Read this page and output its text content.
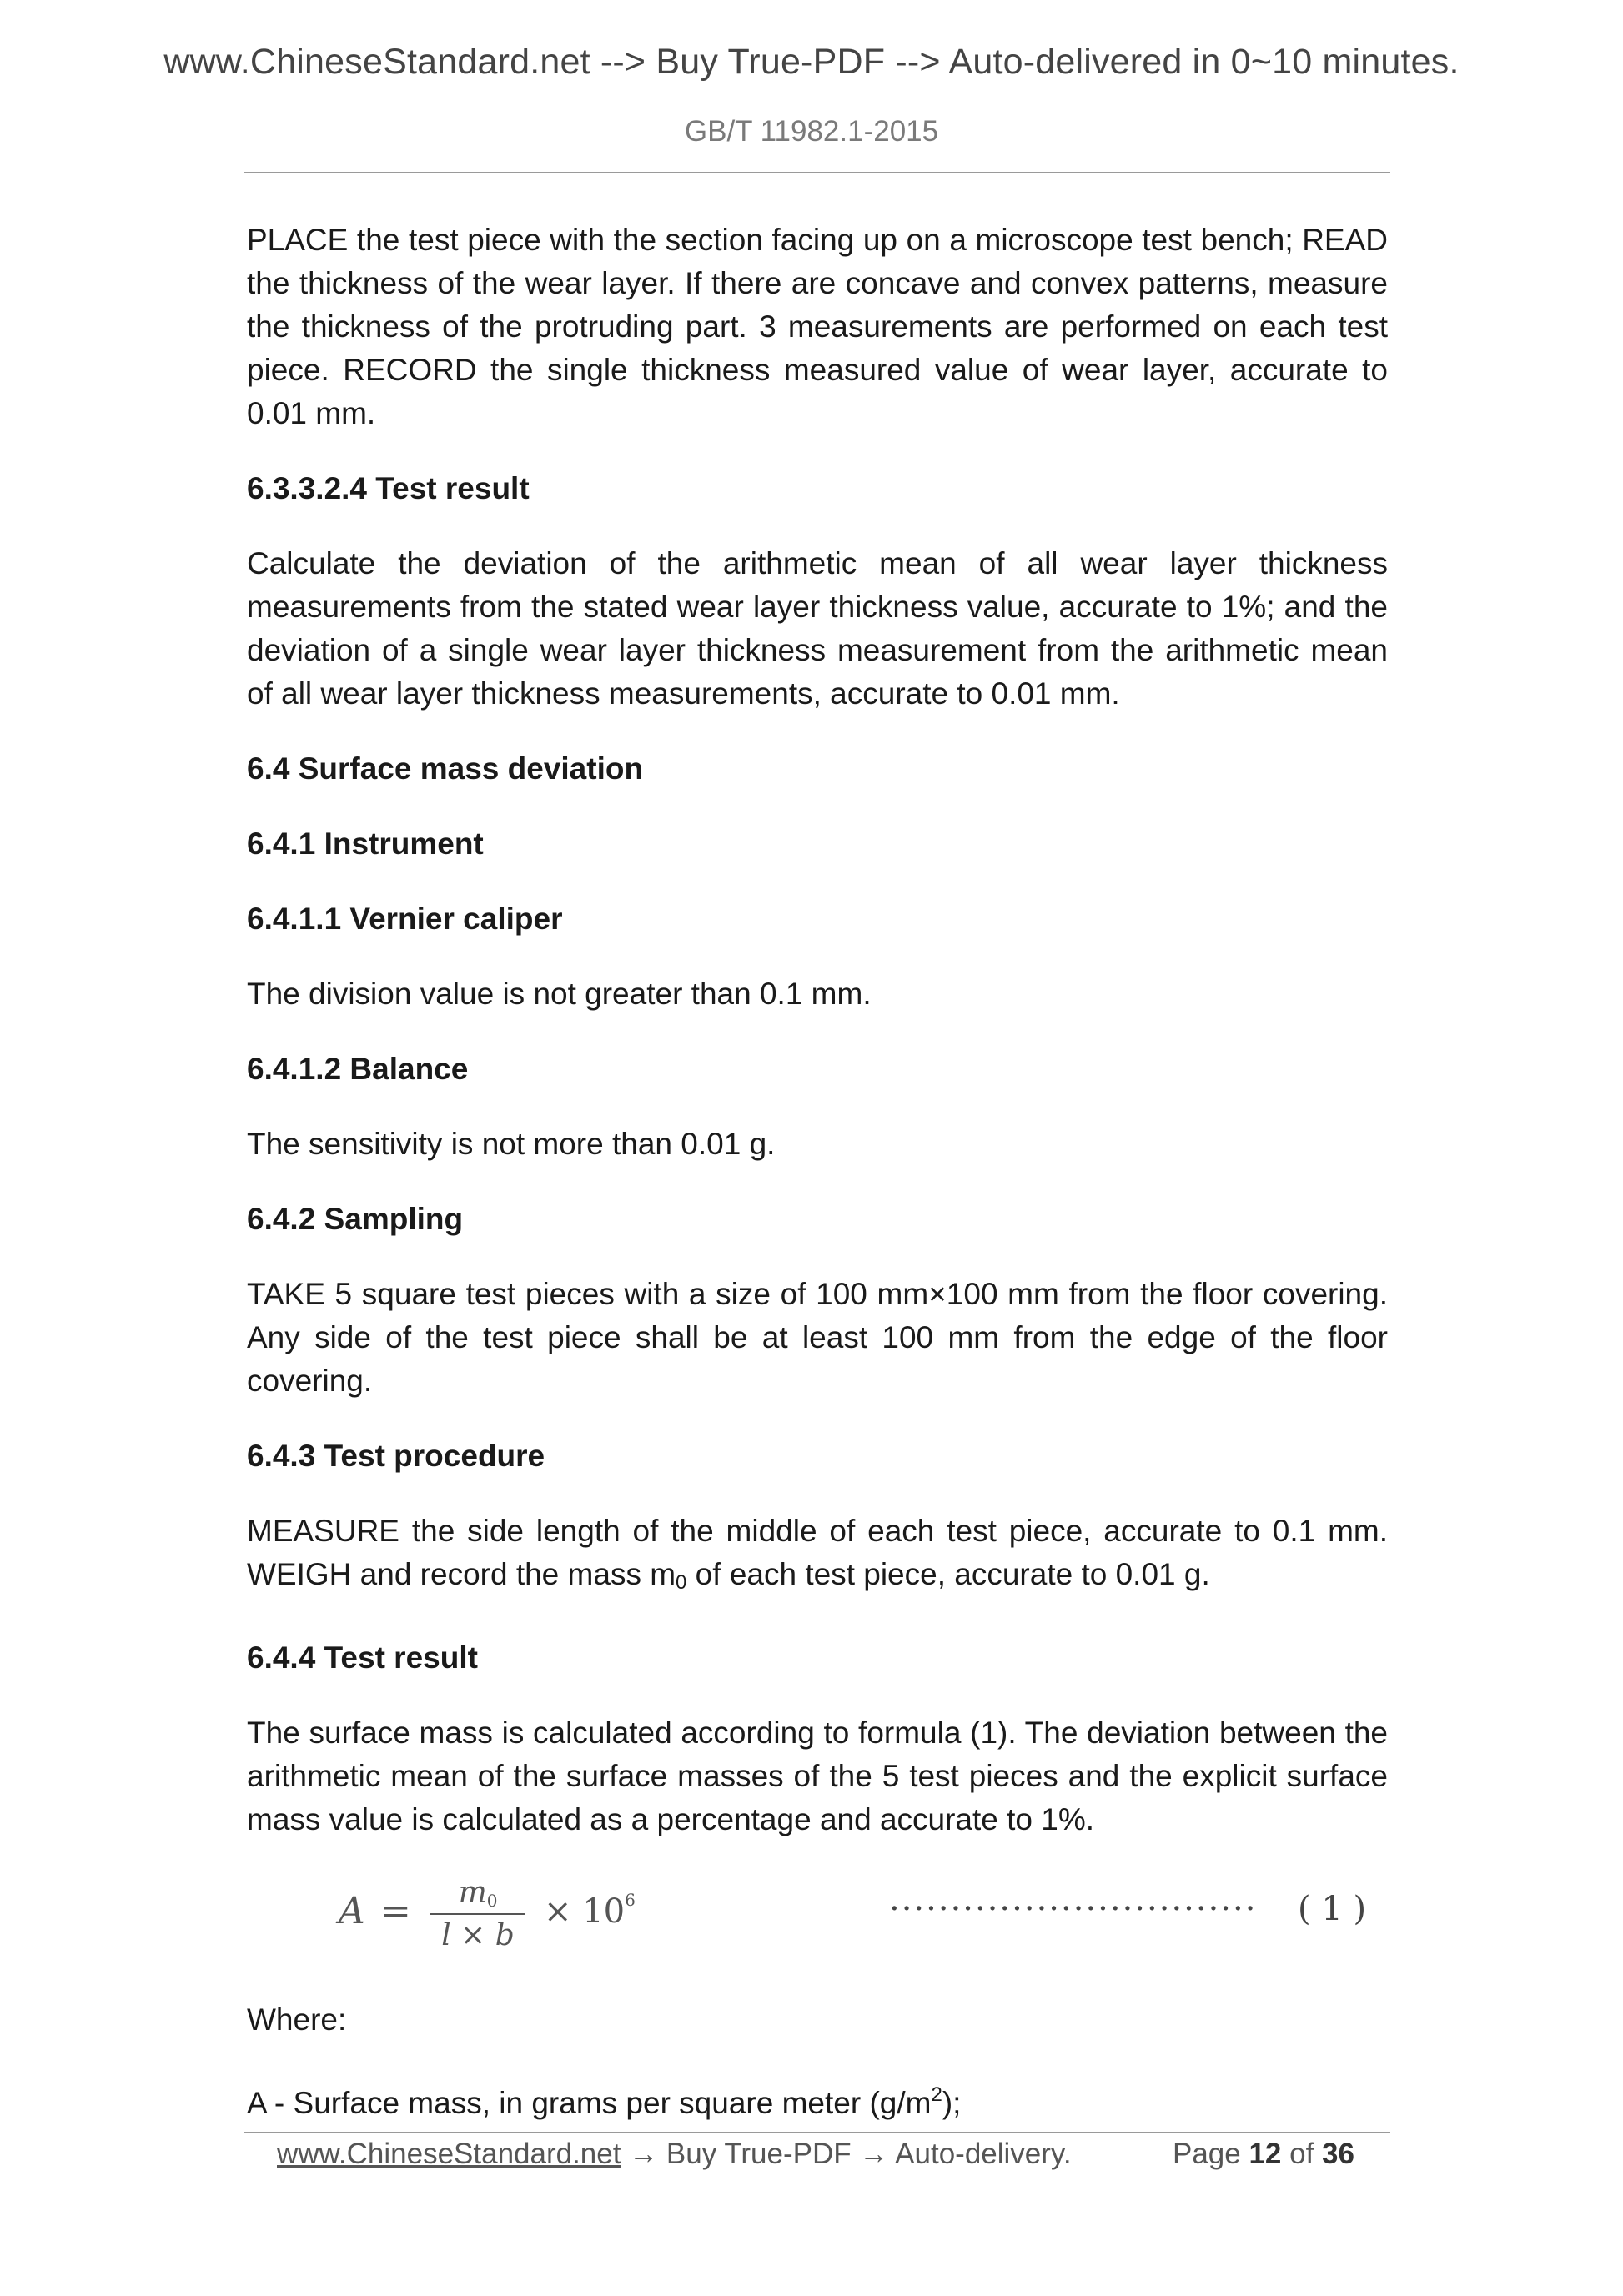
www.ChineseStandard.net --> Buy True-PDF --> Auto-delivered in 0~10 minutes.
GB/T 11982.1-2015

PLACE the test piece with the section facing up on a microscope test bench; READ the thickness of the wear layer. If there are concave and convex patterns, measure the thickness of the protruding part. 3 measurements are performed on each test piece. RECORD the single thickness measured value of wear layer, accurate to 0.01 mm.

6.3.3.2.4 Test result

Calculate the deviation of the arithmetic mean of all wear layer thickness measurements from the stated wear layer thickness value, accurate to 1%; and the deviation of a single wear layer thickness measurement from the arithmetic mean of all wear layer thickness measurements, accurate to 0.01 mm.

6.4 Surface mass deviation
6.4.1 Instrument
6.4.1.1 Vernier caliper

The division value is not greater than 0.1 mm.

6.4.1.2 Balance

The sensitivity is not more than 0.01 g.

6.4.2 Sampling

TAKE 5 square test pieces with a size of 100 mm×100 mm from the floor covering. Any side of the test piece shall be at least 100 mm from the edge of the floor covering.

6.4.3 Test procedure

MEASURE the side length of the middle of each test piece, accurate to 0.1 mm. WEIGH and record the mass $m_0$ of each test piece, accurate to 0.01 g.

6.4.4 Test result

The surface mass is calculated according to formula (1). The deviation between the arithmetic mean of the surface masses of the 5 test pieces and the explicit surface mass value is calculated as a percentage and accurate to 1%.

A =	$m_0$
l × b
× $10^6$	······························ ( 1 )

Where:

A - Surface mass, in grams per square meter $(g/m^2)$;

www.ChineseStandard.net → Buy True-PDF → Auto-delivery.	Page 12 of 36
